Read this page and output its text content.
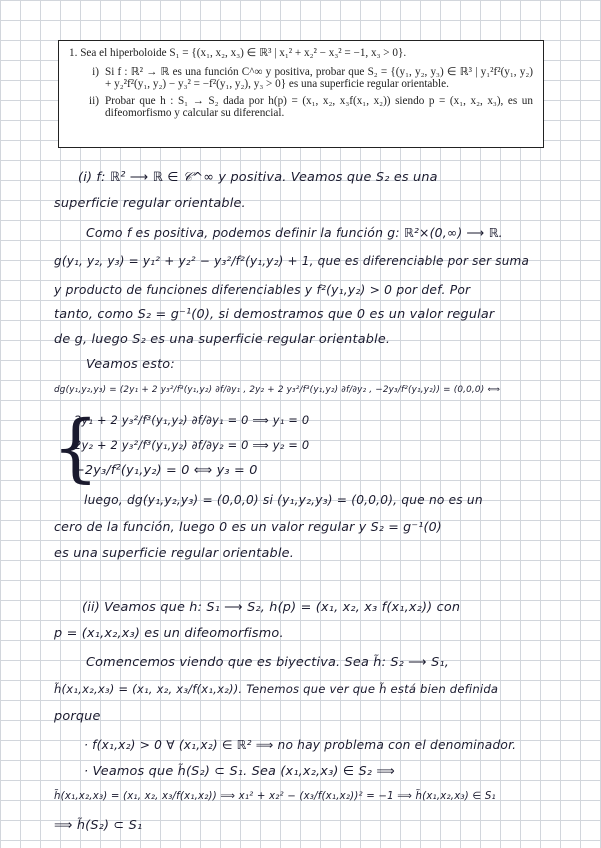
1. Sea el hiperboloide S₁ = {(x₁, x₂, x₃) ∈ ℝ³ | x₁² + x₂² − x₃² = −1, x₃ > 0}.
i) Si f : ℝ² → ℝ es una función C^∞ y positiva, probar que S₂ = {(y₁, y₂, y₃) ∈ ℝ³ | y₁²f²(y₁, y₂) + y₂²f²(y₁, y₂) − y₃² = −f²(y₁, y₂), y₃ > 0} es una superficie regular orientable.
ii) Probar que h : S₁ → S₂ dada por h(p) = (x₁, x₂, x₃f(x₁, x₂)) siendo p = (x₁, x₂, x₃), es un difeomorfismo y calcular su diferencial.
(i) f: ℝ² ⟶ ℝ ∈ 𝒞^∞ y positiva. Veamos que S₂ es una
superficie regular orientable.
Como f es positiva, podemos definir la función g: ℝ²×(0,∞) ⟶ ℝ.
g(y₁, y₂, y₃) = y₁² + y₂² − y₃²/f²(y₁,y₂) + 1, que es diferenciable por ser suma
y producto de funciones diferenciables y f²(y₁,y₂) > 0 por def. Por
tanto, como S₂ = g⁻¹(0), si demostramos que 0 es un valor regular
de g, luego S₂ es una superficie regular orientable.
Veamos esto:
dg(y₁,y₂,y₃) = (2y₁ + 2 y₃²/f³(y₁,y₂) ∂f/∂y₁ , 2y₂ + 2 y₃²/f³(y₁,y₂) ∂f/∂y₂ , −2y₃/f²(y₁,y₂)) = (0,0,0) ⟺
{
2y₁ + 2 y₃²/f³(y₁,y₂) ∂f/∂y₁ = 0 ⟹ y₁ = 0
2y₂ + 2 y₃²/f³(y₁,y₂) ∂f/∂y₂ = 0 ⟹ y₂ = 0
−2y₃/f²(y₁,y₂) = 0 ⟺ y₃ = 0
luego, dg(y₁,y₂,y₃) = (0,0,0) si (y₁,y₂,y₃) = (0,0,0), que no es un
cero de la función, luego 0 es un valor regular y S₂ = g⁻¹(0)
es una superficie regular orientable.
(ii) Veamos que h: S₁ ⟶ S₂, h(p) = (x₁, x₂, x₃ f(x₁,x₂)) con
p = (x₁,x₂,x₃) es un difeomorfismo.
Comencemos viendo que es biyectiva. Sea h̃: S₂ ⟶ S₁,
h̃(x₁,x₂,x₃) = (x₁, x₂, x₃/f(x₁,x₂)). Tenemos que ver que h̃ está bien definida
porque
· f(x₁,x₂) > 0 ∀ (x₁,x₂) ∈ ℝ² ⟹ no hay problema con el denominador.
· Veamos que h̃(S₂) ⊂ S₁. Sea (x₁,x₂,x₃) ∈ S₂ ⟹
h̃(x₁,x₂,x₃) = (x₁, x₂, x₃/f(x₁,x₂)) ⟹ x₁² + x₂² − (x₃/f(x₁,x₂))² = −1 ⟹ h̃(x₁,x₂,x₃) ∈ S₁
⟹ h̃(S₂) ⊂ S₁
